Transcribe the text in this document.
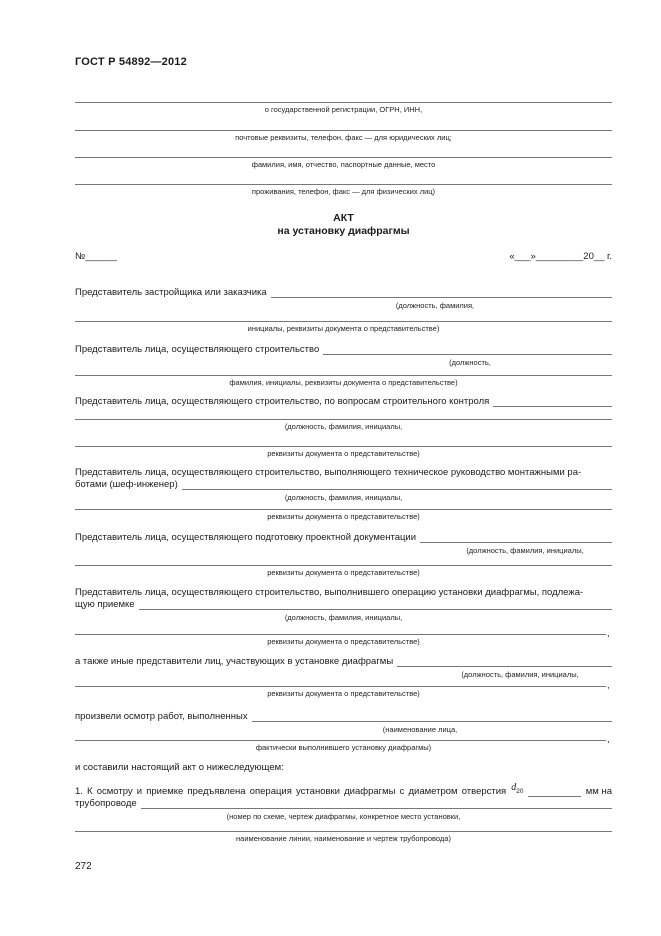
ГОСТ Р 54892—2012
о государственной регистрации, ОГРН, ИНН,
почтовые реквизиты, телефон, факс — для юридических лиц;
фамилия, имя, отчество, паспортные данные, место
проживания, телефон, факс — для физических лиц)
АКТ
на установку диафрагмы
№______	«___»_________20__ г.
Представитель застройщика или заказчика
(должность, фамилия,
инициалы, реквизиты документа о представительстве)
Представитель лица, осуществляющего строительство
(должность,
фамилия, инициалы, реквизиты документа о представительстве)
Представитель лица, осуществляющего строительство, по вопросам строительного контроля
(должность, фамилия, инициалы,
реквизиты документа о представительстве)
Представитель лица, осуществляющего строительство, выполняющего техническое руководство монтажными ра-
ботами (шеф-инженер)
(должность, фамилия, инициалы,
реквизиты документа о представительстве)
Представитель лица, осуществляющего подготовку проектной документации
(должность, фамилия, инициалы,
реквизиты документа о представительстве)
Представитель лица, осуществляющего строительство, выполнившего операцию установки диафрагмы, подлежа-
щую приемке
(должность, фамилия, инициалы,
,
реквизиты документа о представительстве)
а также иные представители лиц, участвующих в установке диафрагмы
(должность, фамилия, инициалы,
,
реквизиты документа о представительстве)
произвели осмотр работ, выполненных
(наименование лица,
,
фактически выполнившего установку диафрагмы)
и составили настоящий акт о нижеследующем:
1. К осмотру и приемке предъявлена операция установки диафрагмы с диаметром отверстия $d_{20}$	мм на
трубопроводе
(номер по схеме, чертеж диафрагмы, конкретное место установки,
наименование линии, наименование и чертеж трубопровода)
272
